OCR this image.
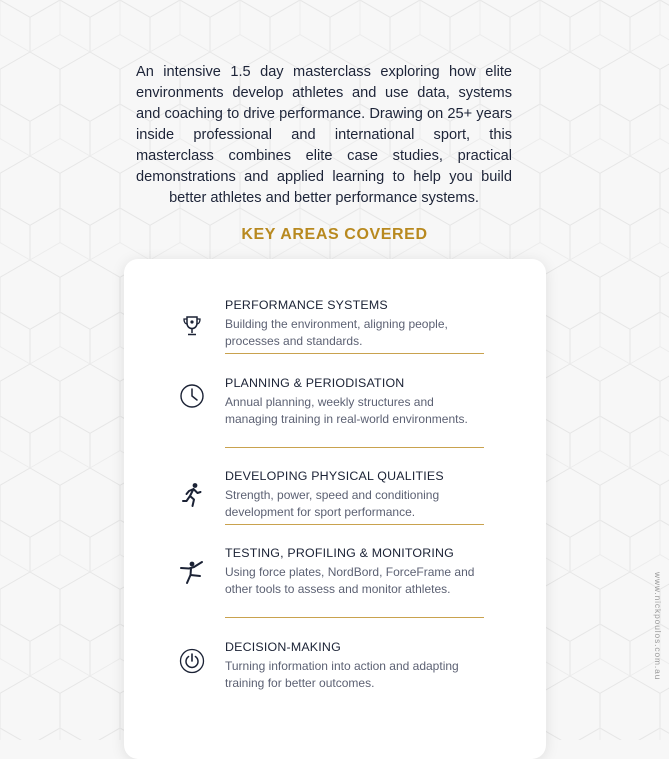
An intensive 1.5 day masterclass exploring how elite environments develop athletes and use data, systems and coaching to drive performance. Drawing on 25+ years inside professional and international sport, this masterclass combines elite case studies, practical demonstrations and applied learning to help you build better athletes and better performance systems.

KEY AREAS COVERED

PERFORMANCE SYSTEMS

Building the environment, aligning people, processes and standards.

PLANNING & PERIODISATION

Annual planning, weekly structures and managing training in real-world environments.

DEVELOPING PHYSICAL QUALITIES

Strength, power, speed and conditioning development for sport performance.

TESTING, PROFILING & MONITORING

Using force plates, NordBord, ForceFrame and other tools to assess and monitor athletes.

DECISION-MAKING

Turning information into action and adapting training for better outcomes.

www.nickpoulos.com.au
